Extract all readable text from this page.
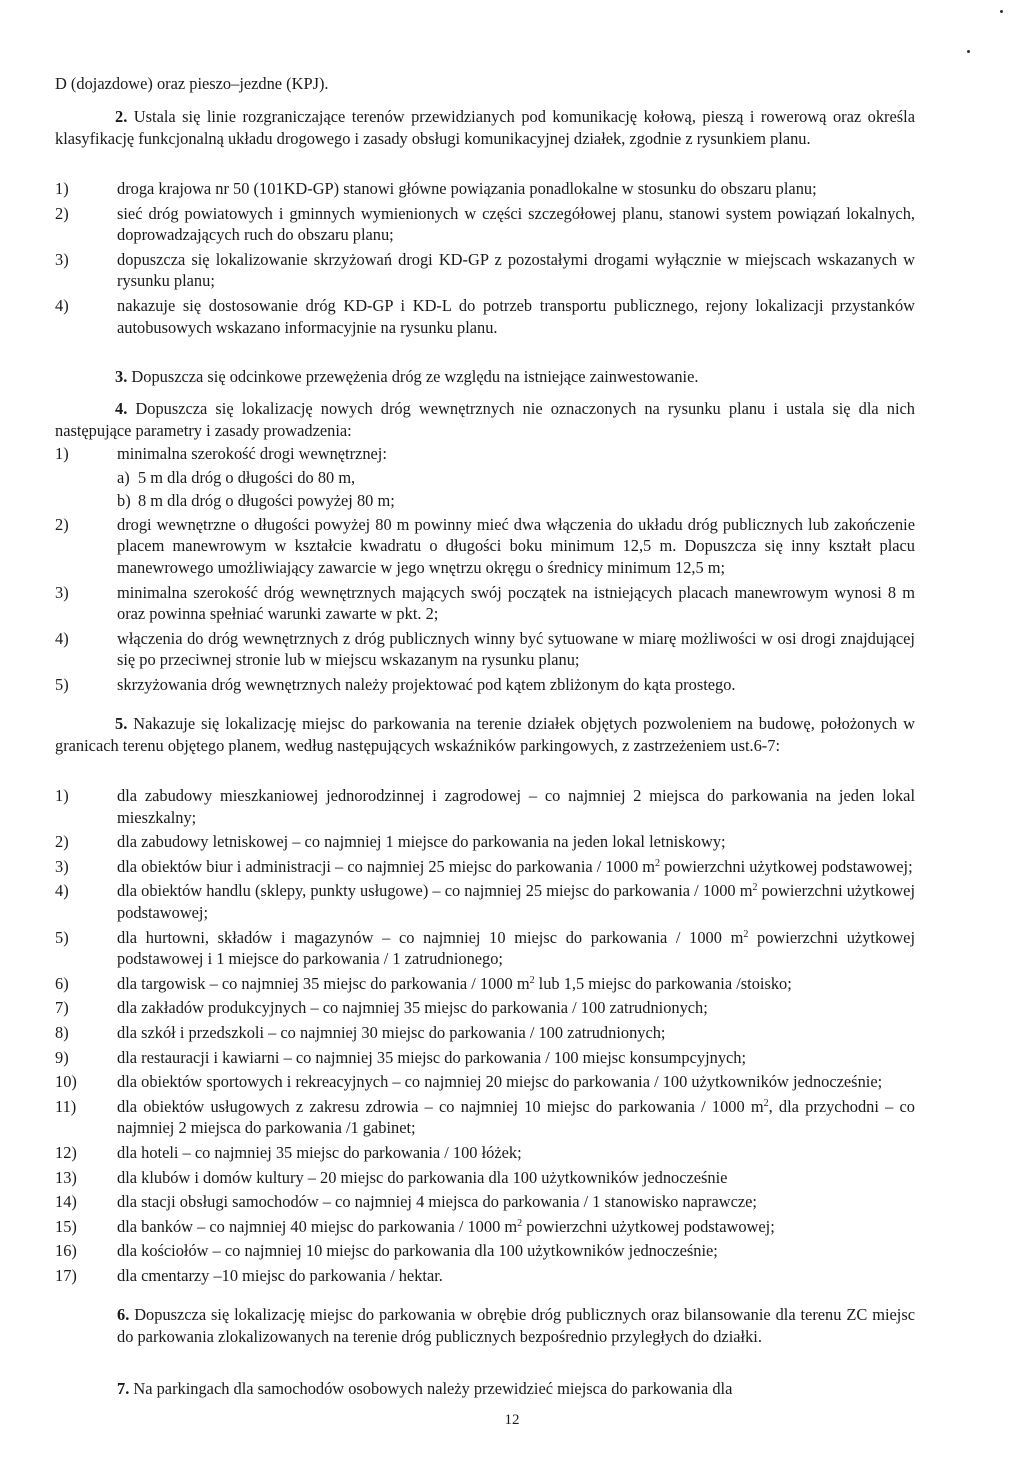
D (dojazdowe) oraz pieszo–jezdne (KPJ).

2. Ustala się linie rozgraniczające terenów przewidzianych pod komunikację kołową, pieszą i rowerową oraz określa klasyfikację funkcjonalną układu drogowego i zasady obsługi komunikacyjnej działek, zgodnie z rysunkiem planu.

1)	droga krajowa nr 50 (101KD-GP) stanowi główne powiązania ponadlokalne w stosunku do obszaru planu;
2)	sieć dróg powiatowych i gminnych wymienionych w części szczegółowej planu, stanowi system powiązań lokalnych, doprowadzających ruch do obszaru planu;
3)	dopuszcza się lokalizowanie skrzyżowań drogi KD-GP z pozostałymi drogami wyłącznie w miejscach wskazanych w rysunku planu;
4)	nakazuje się dostosowanie dróg KD-GP i KD-L do potrzeb transportu publicznego, rejony lokalizacji przystanków autobusowych wskazano informacyjnie na rysunku planu.

3. Dopuszcza się odcinkowe przewężenia dróg ze względu na istniejące zainwestowanie.

4. Dopuszcza się lokalizację nowych dróg wewnętrznych nie oznaczonych na rysunku planu i ustala się dla nich następujące parametry i zasady prowadzenia:

1)	minimalna szerokość drogi wewnętrznej:
a) 5 m dla dróg o długości do 80 m,
b) 8 m dla dróg o długości powyżej 80 m;
2)	drogi wewnętrzne o długości powyżej 80 m powinny mieć dwa włączenia do układu dróg publicznych lub zakończenie placem manewrowym w kształcie kwadratu o długości boku minimum 12,5 m. Dopuszcza się inny kształt placu manewrowego umożliwiający zawarcie w jego wnętrzu okręgu o średnicy minimum 12,5 m;
3)	minimalna szerokość dróg wewnętrznych mających swój początek na istniejących placach manewrowym wynosi 8 m oraz powinna spełniać warunki zawarte w pkt. 2;
4)	włączenia do dróg wewnętrznych z dróg publicznych winny być sytuowane w miarę możliwości w osi drogi znajdującej się po przeciwnej stronie lub w miejscu wskazanym na rysunku planu;
5)	skrzyżowania dróg wewnętrznych należy projektować pod kątem zbliżonym do kąta prostego.

5. Nakazuje się lokalizację miejsc do parkowania na terenie działek objętych pozwoleniem na budowę, położonych w granicach terenu objętego planem, według następujących wskaźników parkingowych, z zastrzeżeniem ust.6-7:

1)	dla zabudowy mieszkaniowej jednorodzinnej i zagrodowej – co najmniej 2 miejsca do parkowania na jeden lokal mieszkalny;
2)	dla zabudowy letniskowej – co najmniej 1 miejsce do parkowania na jeden lokal letniskowy;
3)	dla obiektów biur i administracji – co najmniej 25 miejsc do parkowania / 1000 $m^2$ powierzchni użytkowej podstawowej;
4)	dla obiektów handlu (sklepy, punkty usługowe) – co najmniej 25 miejsc do parkowania / 1000 $m^2$ powierzchni użytkowej podstawowej;
5)	dla hurtowni, składów i magazynów – co najmniej 10 miejsc do parkowania / 1000 $m^2$ powierzchni użytkowej podstawowej i 1 miejsce do parkowania / 1 zatrudnionego;
6)	dla targowisk – co najmniej 35 miejsc do parkowania / 1000 $m^2$ lub 1,5 miejsc do parkowania /stoisko;
7)	dla zakładów produkcyjnych – co najmniej 35 miejsc do parkowania / 100 zatrudnionych;
8)	dla szkół i przedszkoli – co najmniej 30 miejsc do parkowania / 100 zatrudnionych;
9)	dla restauracji i kawiarni – co najmniej 35 miejsc do parkowania / 100 miejsc konsumpcyjnych;
10)	dla obiektów sportowych i rekreacyjnych – co najmniej 20 miejsc do parkowania / 100 użytkowników jednocześnie;
11)	dla obiektów usługowych z zakresu zdrowia – co najmniej 10 miejsc do parkowania / 1000 $m^2$, dla przychodni – co najmniej 2 miejsca do parkowania /1 gabinet;
12)	dla hoteli – co najmniej 35 miejsc do parkowania / 100 łóżek;
13)	dla klubów i domów kultury – 20 miejsc do parkowania dla 100 użytkowników jednocześnie
14)	dla stacji obsługi samochodów – co najmniej 4 miejsca do parkowania / 1 stanowisko naprawcze;
15)	dla banków – co najmniej 40 miejsc do parkowania / 1000 $m^2$ powierzchni użytkowej podstawowej;
16)	dla kościołów – co najmniej 10 miejsc do parkowania dla 100 użytkowników jednocześnie;
17)	dla cmentarzy –10 miejsc do parkowania / hektar.

6. Dopuszcza się lokalizację miejsc do parkowania w obrębie dróg publicznych oraz bilansowanie dla terenu ZC miejsc do parkowania zlokalizowanych na terenie dróg publicznych bezpośrednio przyległych do działki.

7. Na parkingach dla samochodów osobowych należy przewidzieć miejsca do parkowania dla

12
